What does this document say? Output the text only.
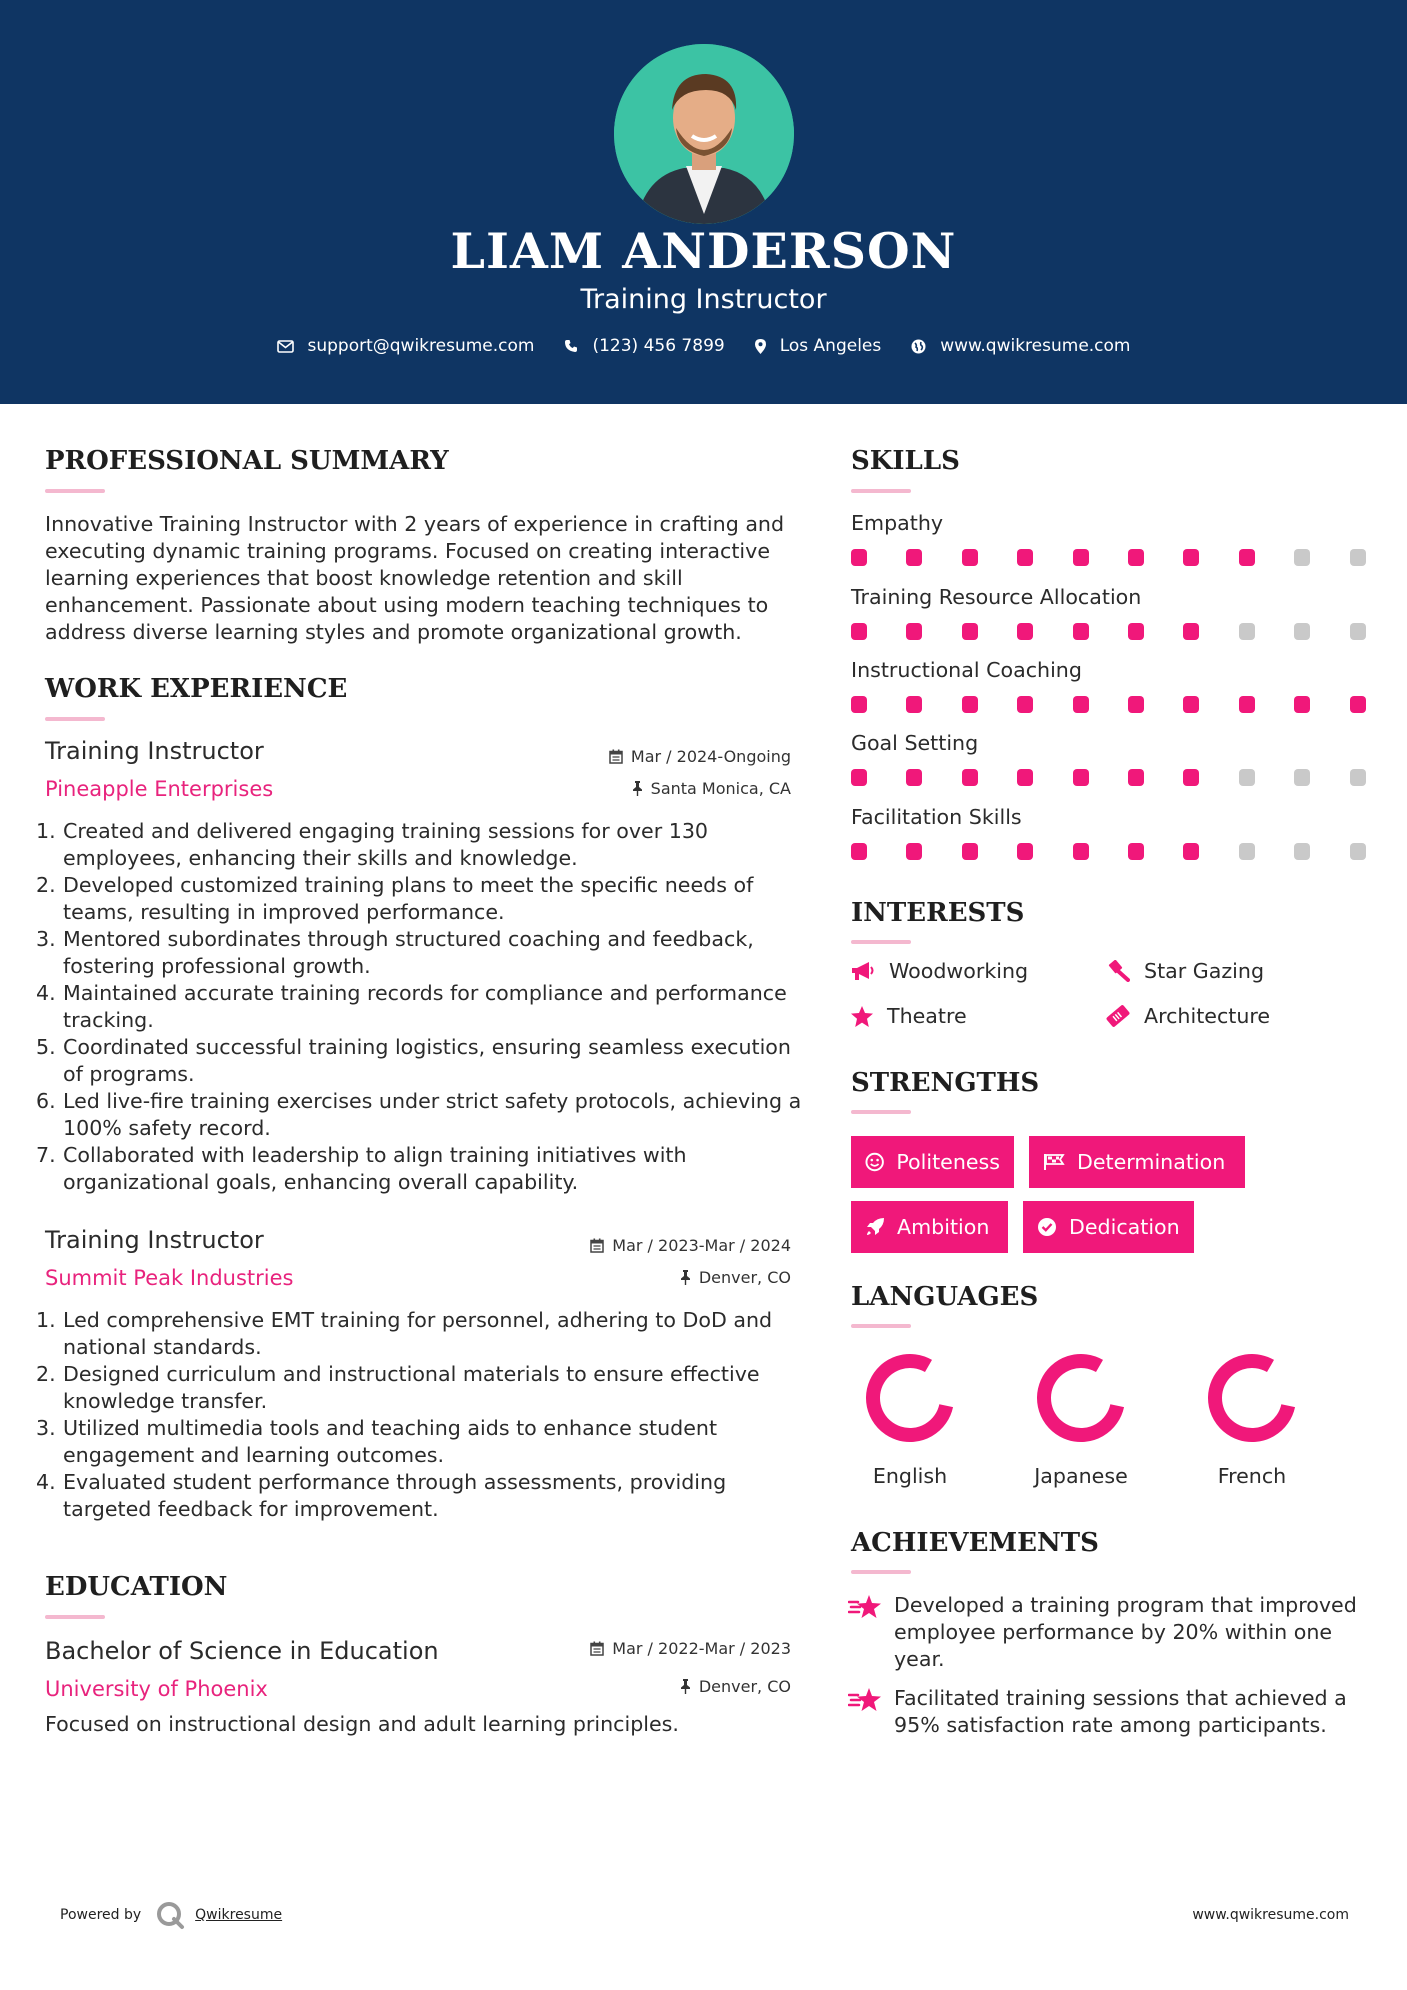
LIAM ANDERSON
Training Instructor
support@qwikresume.com	(123) 456 7899	Los Angeles	www.qwikresume.com
PROFESSIONAL SUMMARY
Innovative Training Instructor with 2 years of experience in crafting and executing dynamic training programs. Focused on creating interactive learning experiences that boost knowledge retention and skill enhancement. Passionate about using modern teaching techniques to address diverse learning styles and promote organizational growth.
WORK EXPERIENCE
Training Instructor
Pineapple Enterprises
Mar / 2024-Ongoing
Santa Monica, CA
1. Created and delivered engaging training sessions for over 130 employees, enhancing their skills and knowledge.
2. Developed customized training plans to meet the specific needs of teams, resulting in improved performance.
3. Mentored subordinates through structured coaching and feedback, fostering professional growth.
4. Maintained accurate training records for compliance and performance tracking.
5. Coordinated successful training logistics, ensuring seamless execution of programs.
6. Led live-fire training exercises under strict safety protocols, achieving a 100% safety record.
7. Collaborated with leadership to align training initiatives with organizational goals, enhancing overall capability.
Training Instructor
Summit Peak Industries
Mar / 2023-Mar / 2024
Denver, CO
1. Led comprehensive EMT training for personnel, adhering to DoD and national standards.
2. Designed curriculum and instructional materials to ensure effective knowledge transfer.
3. Utilized multimedia tools and teaching aids to enhance student engagement and learning outcomes.
4. Evaluated student performance through assessments, providing targeted feedback for improvement.
EDUCATION
Bachelor of Science in Education
University of Phoenix
Mar / 2022-Mar / 2023
Denver, CO
Focused on instructional design and adult learning principles.
SKILLS
Empathy
Training Resource Allocation
Instructional Coaching
Goal Setting
Facilitation Skills
INTERESTS
Woodworking	Star Gazing
Theatre	Architecture
STRENGTHS
Politeness	Determination
Ambition	Dedication
LANGUAGES
English	Japanese	French
ACHIEVEMENTS
Developed a training program that improved employee performance by 20% within one year.
Facilitated training sessions that achieved a 95% satisfaction rate among participants.
Powered by	Qwikresume	www.qwikresume.com
